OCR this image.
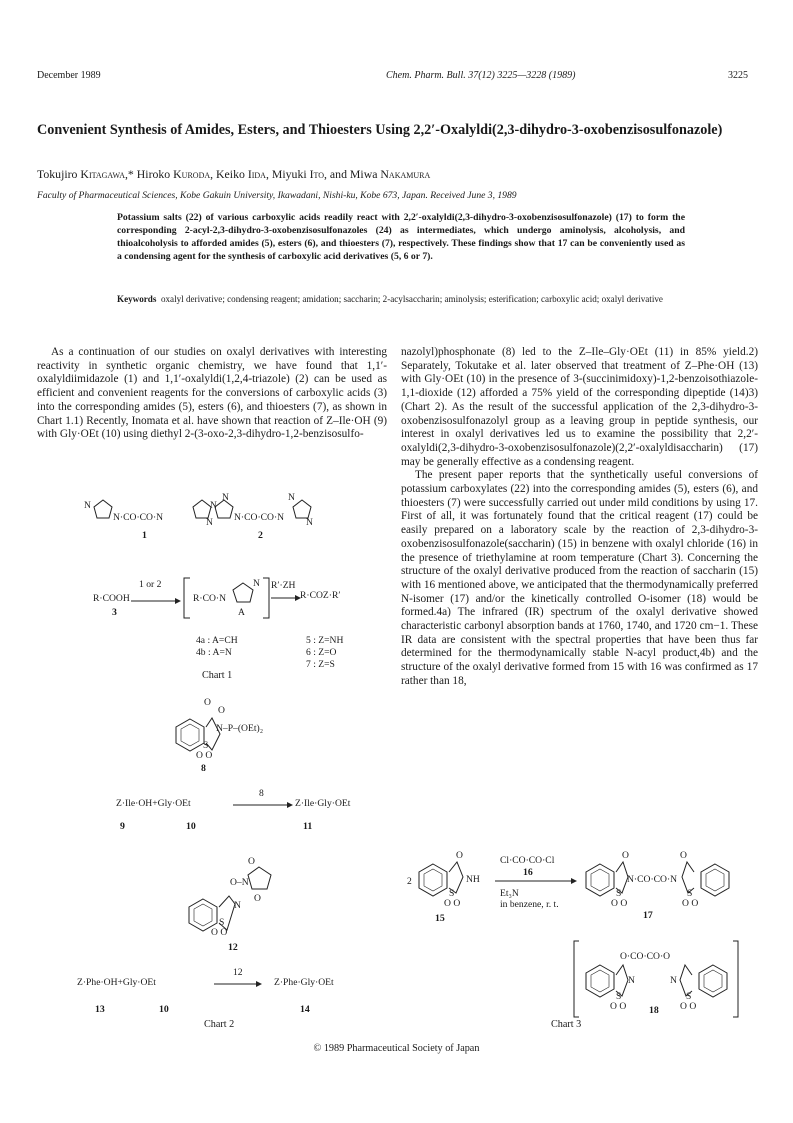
December 1989	Chem. Pharm. Bull. 37(12) 3225—3228 (1989)	3225
Convenient Synthesis of Amides, Esters, and Thioesters Using 2,2′-Oxalyldi(2,3-dihydro-3-oxobenzisosulfonazole)
Tokujiro Kitagawa,* Hiroko Kuroda, Keiko Iida, Miyuki Ito, and Miwa Nakamura
Faculty of Pharmaceutical Sciences, Kobe Gakuin University, Ikawadani, Nishi-ku, Kobe 673, Japan. Received June 3, 1989
Potassium salts (22) of various carboxylic acids readily react with 2,2′-oxalyldi(2,3-dihydro-3-oxobenzisosulfonazole) (17) to form the corresponding 2-acyl-2,3-dihydro-3-oxobenzisosulfonazoles (24) as intermediates, which undergo aminolysis, alcoholysis, and thioalcoholysis to afforded amides (5), esters (6), and thioesters (7), respectively. These findings show that 17 can be conveniently used as a condensing agent for the synthesis of carboxylic acid derivatives (5, 6 or 7).
Keywords oxalyl derivative; condensing reagent; amidation; saccharin; 2-acylsaccharin; aminolysis; esterification; carboxylic acid; oxalyl derivative

As a continuation of our studies on oxalyl derivatives with interesting reactivity in synthetic organic chemistry, we have found that 1,1′-oxalyldiimidazole (1) and 1,1′-oxalyldi(1,2,4-triazole) (2) can be used as efficient and convenient reagents for the conversions of carboxylic acids (3) into the corresponding amides (5), esters (6), and thioesters (7), as shown in Chart 1.1) Recently, Inomata et al. have shown that reaction of Z–Ile·OH (9) with Gly·OEt (10) using diethyl 2-(3-oxo-2,3-dihydro-1,2-benzisosulfo-

nazolyl)phosphonate (8) led to the Z–Ile–Gly·OEt (11) in 85% yield.2) Separately, Tokutake et al. later observed that treatment of Z–Phe·OH (13) with Gly·OEt (10) in the presence of 3-(succinimidoxy)-1,2-benzoisothiazole-1,1-dioxide (12) afforded a 75% yield of the corresponding dipeptide (14)3) (Chart 2). As the result of the successful application of the 2,3-dihydro-3-oxobenzisosulfonazolyl group as a leaving group in peptide synthesis, our interest in oxalyl derivatives led us to examine the possibility that 2,2′-oxalyldi(2,3-dihydro-3-oxobenzisosulfonazole)(2,2′-oxalyldisaccharin) (17) may be generally effective as a condensing reagent.

The present paper reports that the synthetically useful conversions of potassium carboxylates (22) into the corresponding amides (5), esters (6), and thioesters (7) were successfully carried out under mild conditions by using 17. First of all, it was fortunately found that the critical reagent (17) could be easily prepared on a laboratory scale by the reaction of 2,3-dihydro-3-oxobenzisosulfonazole(saccharin) (15) in benzene with oxalyl chloride (16) in the presence of triethylamine at room temperature (Chart 3). Concerning the structure of the oxalyl derivative produced from the reaction of saccharin (15) with 16 mentioned above, we anticipated that the thermodynamically preferred N-isomer (17) and/or the kinetically controlled O-isomer (18) would be formed.4a) The infrared (IR) spectrum of the oxalyl derivative showed characteristic carbonyl absorption bands at 1760, 1740, and 1720 cm−1. These IR data are consistent with the spectral properties that have been thus far determined for the thermodynamically stable N-acyl product,4b) and the structure of the oxalyl derivative formed from 15 with 16 was confirmed as 17 rather than 18,

N
N·CO·CO·N
N
1
N
N N·CO·CO·N
N
N
2
1 or 2
R·COOH →
3
R·CO·N
N
A
R′·ZH
→ R·COZ·R′
4a : A=CH
4b : A=N
5 : Z=NH
6 : Z=O
7 : Z=S
Chart 1
O
O
N–P–(OEt)₂
S
O O
8
8
Z·Ile·OH+Gly·OEt	Z·Ile·Gly·OEt
9	10	11
O
O–N
O
N
S
O O
12
12
Z·Phe·OH+Gly·OEt	Z·Phe·Gly·OEt
13	10	14
Chart 2
2
O
NH
S
O O
15
Cl·CO·CO·Cl
16
Et₃N
in benzene, r. t.
O
N·CO·CO·N
S
O O
O
S
O O
17
O·CO·CO·O
N
S
O O
N
S
O O
18
Chart 3
© 1989 Pharmaceutical Society of Japan
